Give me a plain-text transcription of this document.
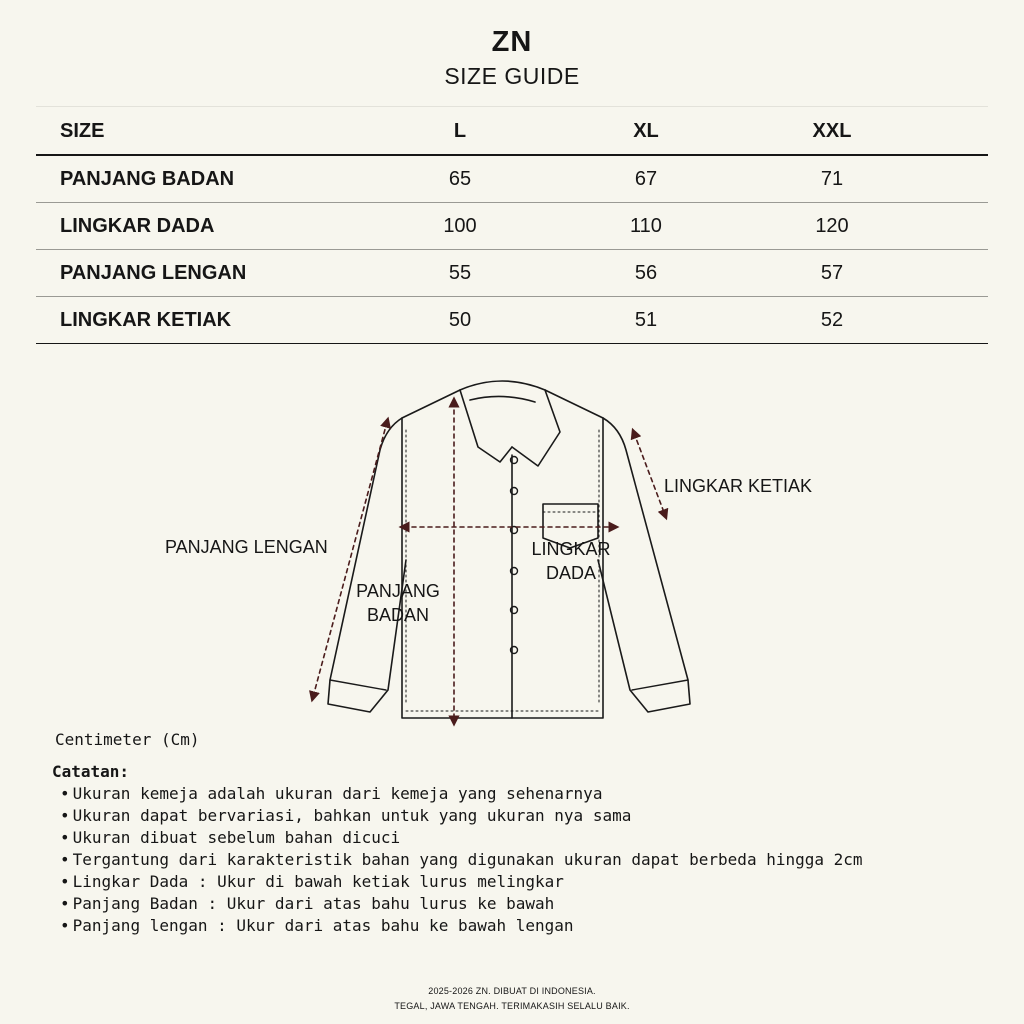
ZN
SIZE GUIDE
SIZE	L	XL	XXL	
PANJANG BADAN	65	67	71	
LINGKAR DADA	100	110	120	
PANJANG LENGAN	55	56	57	
LINGKAR KETIAK	50	51	52	
PANJANG LENGAN
LINGKAR KETIAK
LINGKAR
DADA
PANJANG
BADAN
Centimeter (Cm)
Catatan:
• Ukuran kemeja adalah ukuran dari kemeja yang sehenarnya
• Ukuran dapat bervariasi, bahkan untuk yang ukuran nya sama
• Ukuran dibuat sebelum bahan dicuci
• Tergantung dari karakteristik bahan yang digunakan ukuran dapat berbeda hingga 2cm
• Lingkar Dada : Ukur di bawah ketiak lurus melingkar
• Panjang Badan : Ukur dari atas bahu lurus ke bawah
• Panjang lengan : Ukur dari atas bahu ke bawah lengan
2025-2026 ZN. DIBUAT DI INDONESIA.
TEGAL, JAWA TENGAH. TERIMAKASIH SELALU BAIK.
